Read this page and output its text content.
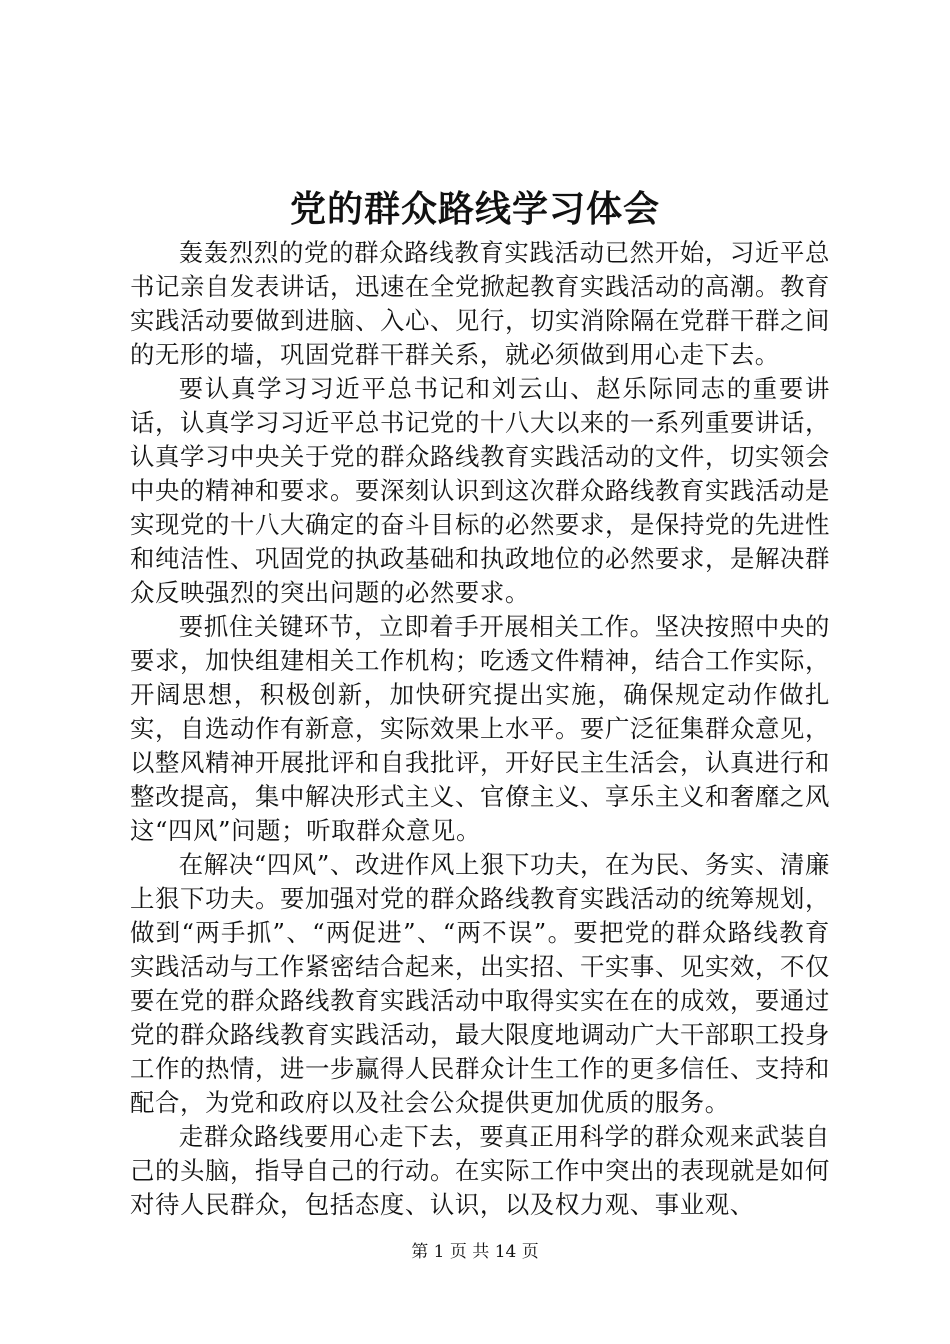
党的群众路线学习体会

轰轰烈烈的党的群众路线教育实践活动已然开始，习近平总书记亲自发表讲话，迅速在全党掀起教育实践活动的高潮。教育实践活动要做到进脑、入心、见行，切实消除隔在党群干群之间的无形的墙，巩固党群干群关系，就必须做到用心走下去。

要认真学习习近平总书记和刘云山、赵乐际同志的重要讲话，认真学习习近平总书记党的十八大以来的一系列重要讲话，认真学习中央关于党的群众路线教育实践活动的文件，切实领会中央的精神和要求。要深刻认识到这次群众路线教育实践活动是实现党的十八大确定的奋斗目标的必然要求，是保持党的先进性和纯洁性、巩固党的执政基础和执政地位的必然要求，是解决群众反映强烈的突出问题的必然要求。

要抓住关键环节，立即着手开展相关工作。坚决按照中央的要求，加快组建相关工作机构；吃透文件精神，结合工作实际，开阔思想，积极创新，加快研究提出实施，确保规定动作做扎实，自选动作有新意，实际效果上水平。要广泛征集群众意见，以整风精神开展批评和自我批评，开好民主生活会，认真进行和整改提高，集中解决形式主义、官僚主义、享乐主义和奢靡之风这“四风”问题；听取群众意见。

在解决“四风”、改进作风上狠下功夫，在为民、务实、清廉上狠下功夫。要加强对党的群众路线教育实践活动的统筹规划，做到“两手抓”、“两促进”、“两不误”。要把党的群众路线教育实践活动与工作紧密结合起来，出实招、干实事、见实效，不仅要在党的群众路线教育实践活动中取得实实在在的成效，要通过党的群众路线教育实践活动，最大限度地调动广大干部职工投身工作的热情，进一步赢得人民群众计生工作的更多信任、支持和配合，为党和政府以及社会公众提供更加优质的服务。

走群众路线要用心走下去，要真正用科学的群众观来武装自己的头脑，指导自己的行动。在实际工作中突出的表现就是如何对待人民群众，包括态度、认识，以及权力观、事业观、

第 1 页 共 14 页
